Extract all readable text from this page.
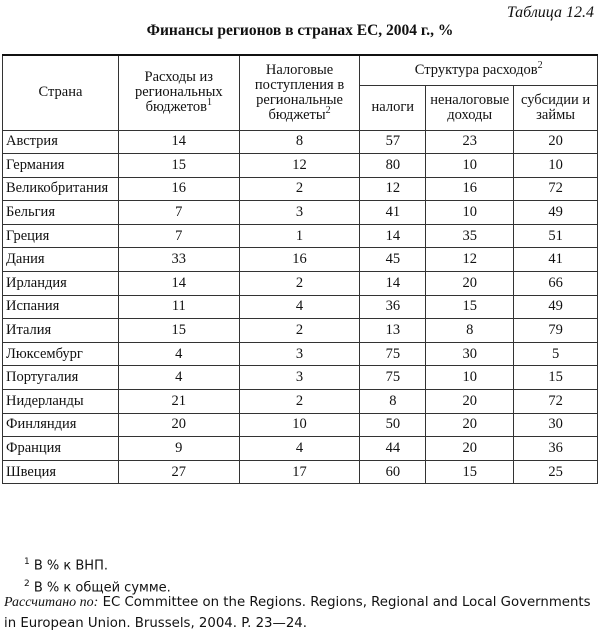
Таблица 12.4
Финансы регионов в странах ЕС, 2004 г., %
Страна	Расходы из региональных бюджетов$^1$	Налоговые поступления в региональные бюджеты$^2$	Структура расходов$^2$
			налоги	неналоговые доходы	субсидии и займы
Австрия	14	8	57	23	20
Германия	15	12	80	10	10
Великобритания	16	2	12	16	72
Бельгия	7	3	41	10	49
Греция	7	1	14	35	51
Дания	33	16	45	12	41
Ирландия	14	2	14	20	66
Испания	11	4	36	15	49
Италия	15	2	13	8	79
Люксембург	4	3	75	30	5
Португалия	4	3	75	10	15
Нидерланды	21	2	8	20	72
Финляндия	20	10	50	20	30
Франция	9	4	44	20	36
Швеция	27	17	60	15	25
$^1$ В % к ВНП.
$^2$ В % к общей сумме.
Рассчитано по: EC Committee on the Regions. Regions, Regional and Local Governments in European Union. Brussels, 2004. P. 23—24.
